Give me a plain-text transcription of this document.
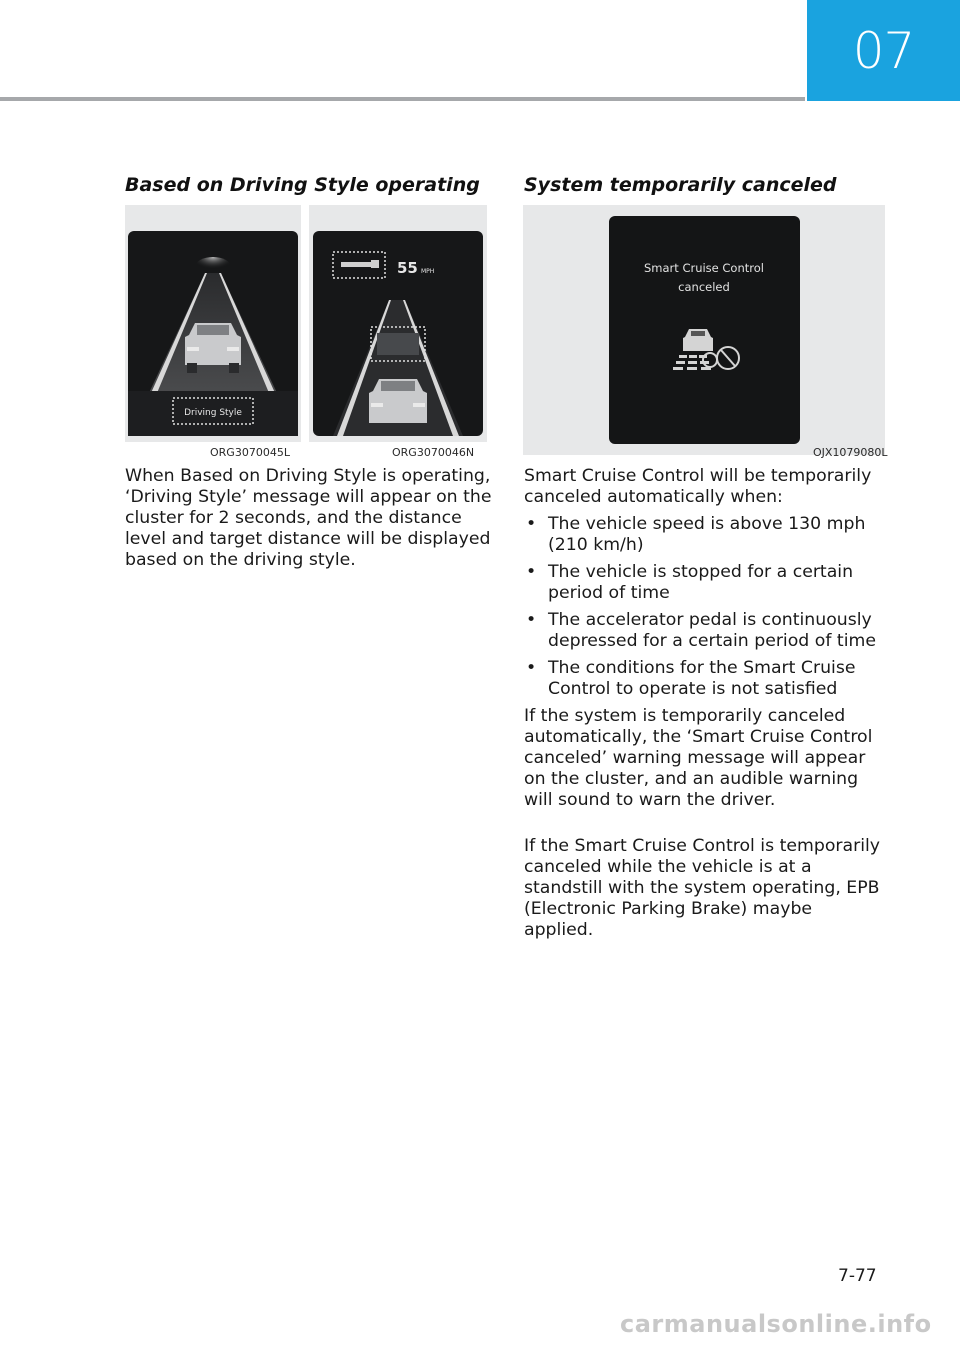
07
Based on Driving Style operating
Driving Style
ORG3070045L
55 MPH
ORG3070046N
When Based on Driving Style is operating, ‘Driving Style’ message will appear on the cluster for 2 seconds, and the distance level and target distance will be displayed based on the driving style.
System temporarily canceled
Smart Cruise Control
canceled
OJX1079080L
Smart Cruise Control will be temporarily canceled automatically when:
• The vehicle speed is above 130 mph (210 km/h)
• The vehicle is stopped for a certain period of time
• The accelerator pedal is continuously depressed for a certain period of time
• The conditions for the Smart Cruise Control to operate is not satisfied
If the system is temporarily canceled automatically, the ‘Smart Cruise Control canceled’ warning message will appear on the cluster, and an audible warning will sound to warn the driver.
If the Smart Cruise Control is temporarily canceled while the vehicle is at a standstill with the system operating, EPB (Electronic Parking Brake) maybe applied.
7-77
carmanualsonline.info
